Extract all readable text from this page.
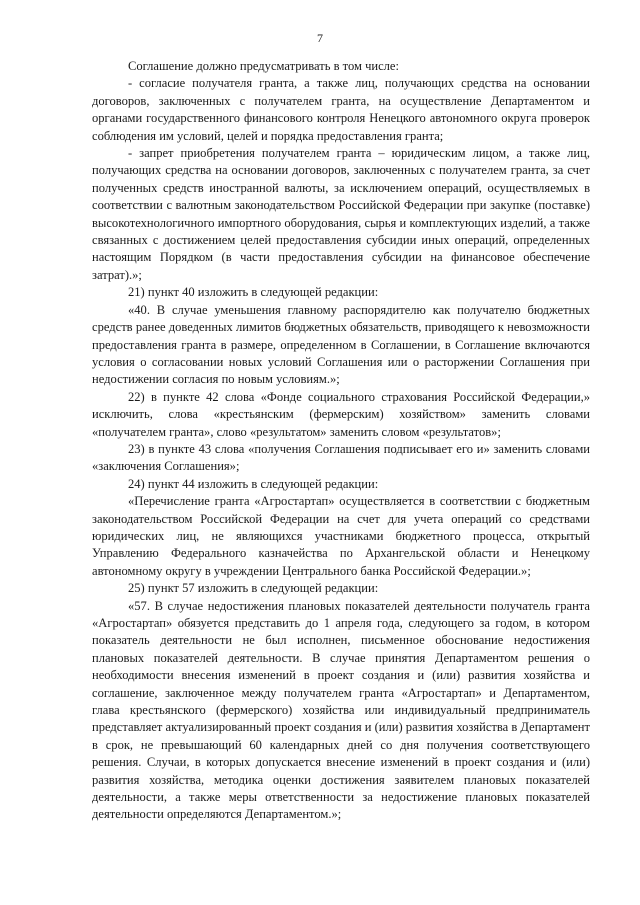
7

Соглашение должно предусматривать в том числе:

- согласие получателя гранта, а также лиц, получающих средства на основании договоров, заключенных с получателем гранта, на осуществление Департаментом и органами государственного финансового контроля Ненецкого автономного округа проверок соблюдения им условий, целей и порядка предоставления гранта;

- запрет приобретения получателем гранта – юридическим лицом, а также лиц, получающих средства на основании договоров, заключенных с получателем гранта, за счет полученных средств иностранной валюты, за исключением операций, осуществляемых в соответствии с валютным законодательством Российской Федерации при закупке (поставке) высокотехнологичного импортного оборудования, сырья и комплектующих изделий, а также связанных с достижением целей предоставления субсидии иных операций, определенных настоящим Порядком (в части предоставления субсидии на финансовое обеспечение затрат).»;

21) пункт 40 изложить в следующей редакции:

«40. В случае уменьшения главному распорядителю как получателю бюджетных средств ранее доведенных лимитов бюджетных обязательств, приводящего к невозможности предоставления гранта в размере, определенном в Соглашении, в Соглашение включаются условия о согласовании новых условий Соглашения или о расторжении Соглашения при недостижении согласия по новым условиям.»;

22) в пункте 42 слова «Фонде социального страхования Российской Федерации,» исключить, слова «крестьянским (фермерским) хозяйством» заменить словами «получателем гранта», слово «результатом» заменить словом «результатов»;

23) в пункте 43 слова «получения Соглашения подписывает его и» заменить словами «заключения Соглашения»;

24) пункт 44 изложить в следующей редакции:

«Перечисление гранта «Агростартап» осуществляется в соответствии с бюджетным законодательством Российской Федерации на счет для учета операций со средствами юридических лиц, не являющихся участниками бюджетного процесса, открытый Управлению Федерального казначейства по Архангельской области и Ненецкому автономному округу в учреждении Центрального банка Российской Федерации.»;

25) пункт 57 изложить в следующей редакции:

«57. В случае недостижения плановых показателей деятельности получатель гранта «Агростартап» обязуется представить до 1 апреля года, следующего за годом, в котором показатель деятельности не был исполнен, письменное обоснование недостижения плановых показателей деятельности. В случае принятия Департаментом решения о необходимости внесения изменений в проект создания и (или) развития хозяйства и соглашение, заключенное между получателем гранта «Агростартап» и Департаментом, глава крестьянского (фермерского) хозяйства или индивидуальный предприниматель представляет актуализированный проект создания и (или) развития хозяйства в Департамент в срок, не превышающий 60 календарных дней со дня получения соответствующего решения. Случаи, в которых допускается внесение изменений в проект создания и (или) развития хозяйства, методика оценки достижения заявителем плановых показателей деятельности, а также меры ответственности за недостижение плановых показателей деятельности определяются Департаментом.»;
